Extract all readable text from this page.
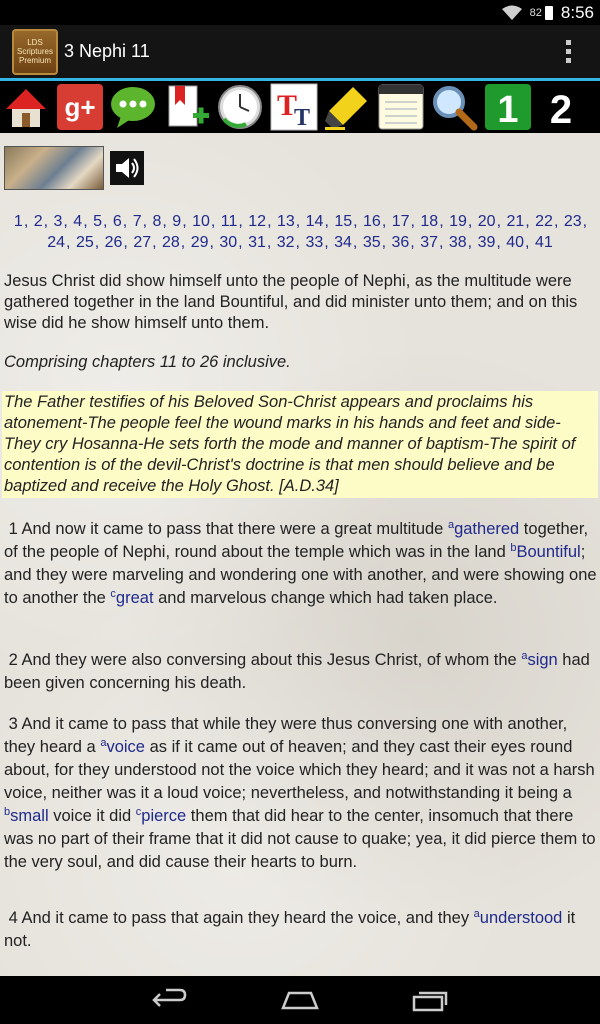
82 8:56
LDS
Scriptures
Premium 3 Nephi 11
g+	T
T	1 2
1, 2, 3, 4, 5, 6, 7, 8, 9, 10, 11, 12, 13, 14, 15, 16, 17, 18, 19, 20, 21, 22, 23, 24, 25, 26, 27, 28, 29, 30, 31, 32, 33, 34, 35, 36, 37, 38, 39, 40, 41
Jesus Christ did show himself unto the people of Nephi, as the multitude were gathered together in the land Bountiful, and did minister unto them; and on this wise did he show himself unto them.
Comprising chapters 11 to 26 inclusive.
The Father testifies of his Beloved Son-Christ appears and proclaims his atonement-The people feel the wound marks in his hands and feet and side-They cry Hosanna-He sets forth the mode and manner of baptism-The spirit of contention is of the devil-Christ's doctrine is that men should believe and be baptized and receive the Holy Ghost. [A.D.34]
1 And now it came to pass that there were a great multitude $^a$gathered together, of the people of Nephi, round about the temple which was in the land $^b$Bountiful; and they were marveling and wondering one with another, and were showing one to another the $^c$great and marvelous change which had taken place.
2 And they were also conversing about this Jesus Christ, of whom the $^a$sign had been given concerning his death.
3 And it came to pass that while they were thus conversing one with another, they heard a $^a$voice as if it came out of heaven; and they cast their eyes round about, for they understood not the voice which they heard; and it was not a harsh voice, neither was it a loud voice; nevertheless, and notwithstanding it being a $^b$small voice it did $^c$pierce them that did hear to the center, insomuch that there was no part of their frame that it did not cause to quake; yea, it did pierce them to the very soul, and did cause their hearts to burn.
4 And it came to pass that again they heard the voice, and they $^a$understood it not.
